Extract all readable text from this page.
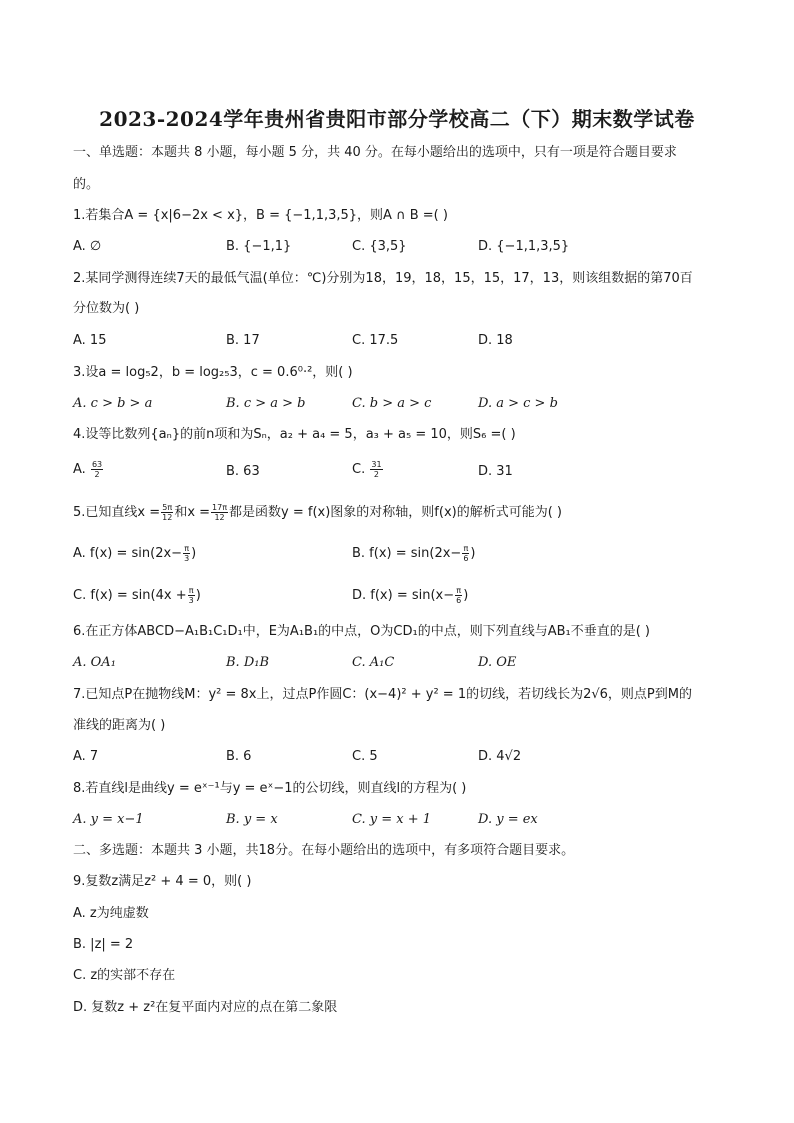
2023-2024学年贵州省贵阳市部分学校高二（下）期末数学试卷
一、单选题：本题共 8 小题，每小题 5 分，共 40 分。在每小题给出的选项中，只有一项是符合题目要求
的。
1.若集合A = {x|6−2x < x}，B = {−1,1,3,5}，则A ∩ B =( )
A. ∅	B. {−1,1}	C. {3,5}	D. {−1,1,3,5}
2.某同学测得连续7天的最低气温(单位：℃)分别为18，19，18，15，15，17，13，则该组数据的第70百
分位数为( )
A. 15	B. 17	C. 17.5	D. 18
3.设a = log₅2，b = log₂₅3，c = 0.6⁰·²，则( )
A. c > b > a	B. c > a > b	C. b > a > c	D. a > c > b
4.设等比数列{aₙ}的前n项和为Sₙ，a₂ + a₄ = 5，a₃ + a₅ = 10，则S₆ =( )
A. $\frac{63}{2}$	B. 63	C. $\frac{31}{2}$	D. 31
5.已知直线$x = \frac{5\pi}{12}$ 和$x = \frac{17\pi}{12}$ 都是函数y = f(x)图象的对称轴，则f(x)的解析式可能为( )
A. $f(x) = \sin(2x- \frac{\pi}{3}$ )	B. $f(x) = \sin(2x- \frac{\pi}{6}$ )
C. $f(x) = \sin(4x + \frac{\pi}{3}$ )	D. $f(x) = \sin(x- \frac{\pi}{6}$ )
6.在正方体ABCD−A₁B₁C₁D₁中，E为A₁B₁的中点，O为CD₁的中点，则下列直线与AB₁不垂直的是( )
A. OA₁	B. D₁B	C. A₁C	D. OE
7.已知点P在抛物线M：y² = 8x上，过点P作圆C：(x−4)² + y² = 1的切线，若切线长为2√6，则点P到M的
准线的距离为( )
A. 7	B. 6	C. 5	D. 4√2
8.若直线l是曲线y = eˣ⁻¹与y = eˣ−1的公切线，则直线l的方程为( )
A. y = x−1	B. y = x	C. y = x + 1	D. y = ex
二、多选题：本题共 3 小题，共18分。在每小题给出的选项中，有多项符合题目要求。
9.复数z满足z² + 4 = 0，则( )
A. z为纯虚数
B. |z| = 2
C. z的实部不存在
D. 复数z + z²在复平面内对应的点在第二象限
